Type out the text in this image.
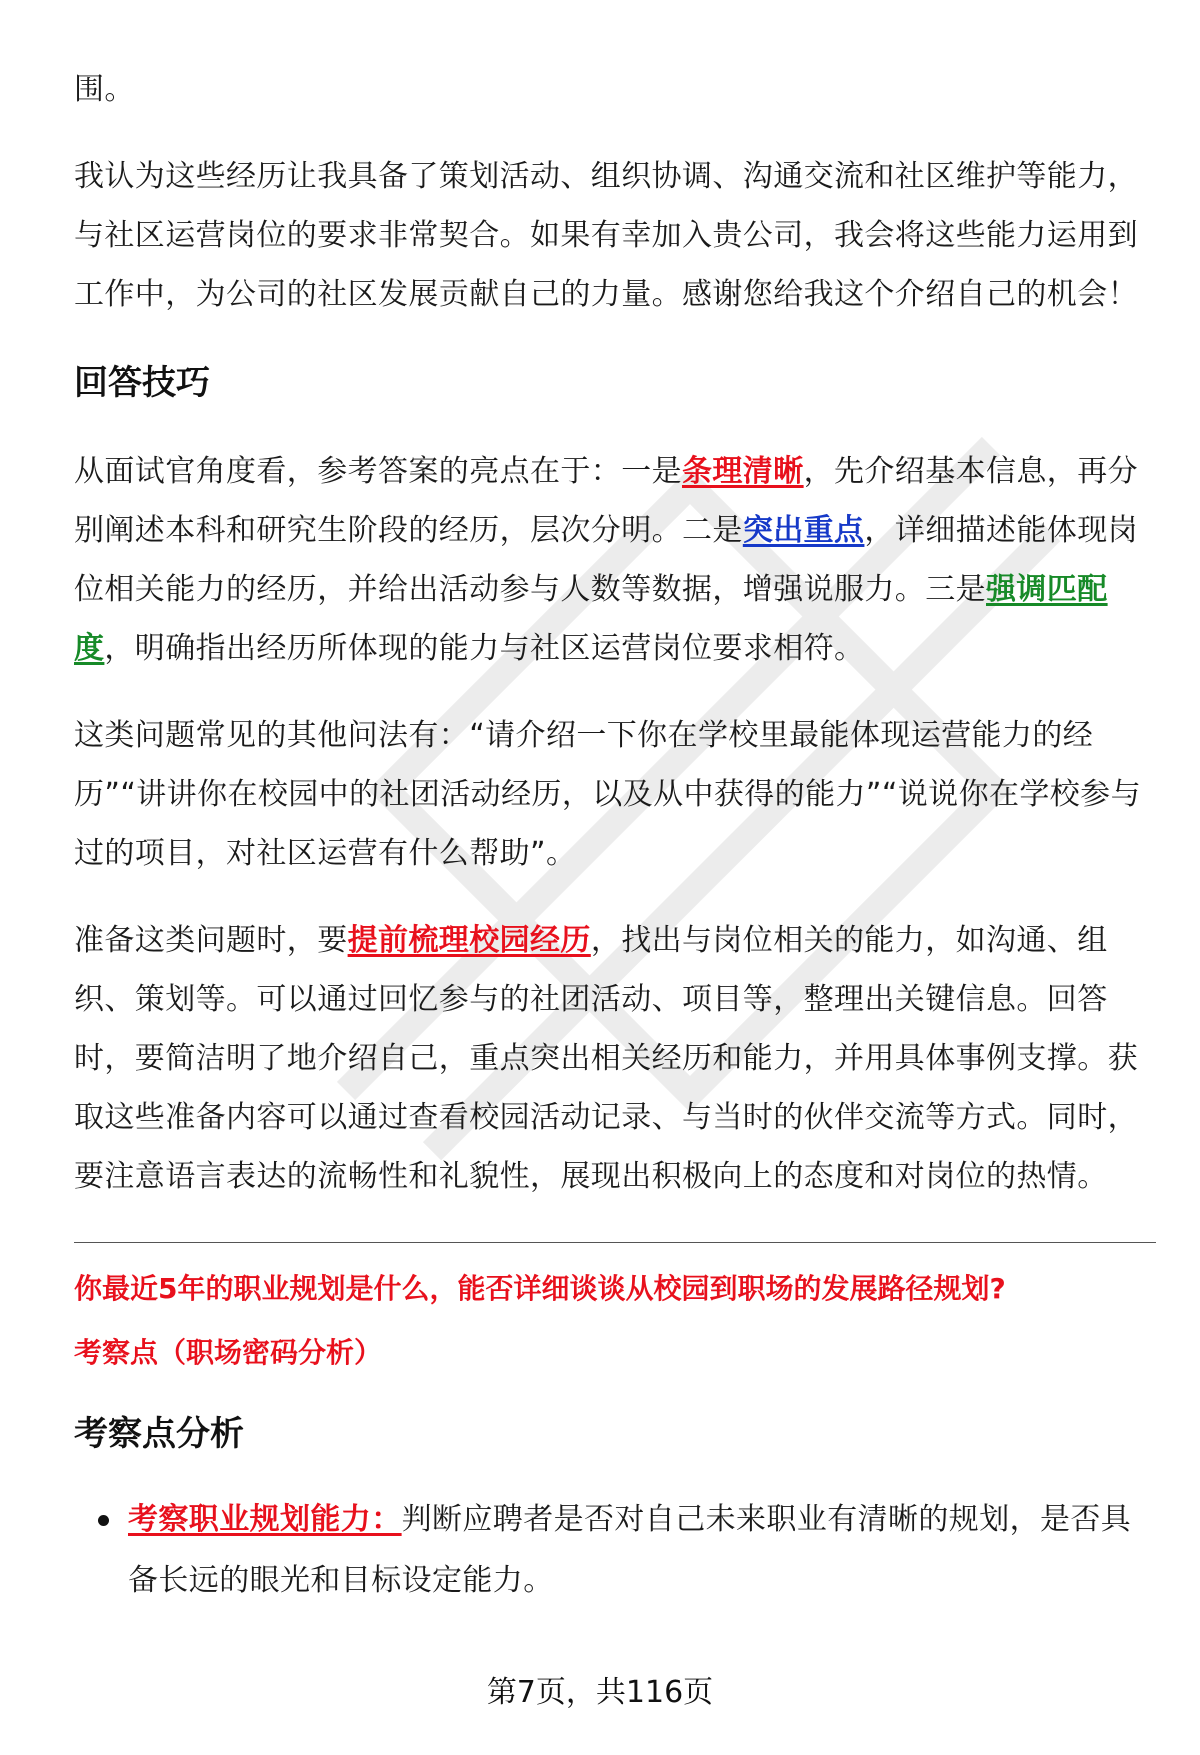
围。

我认为这些经历让我具备了策划活动、组织协调、沟通交流和社区维护等能力，与社区运营岗位的要求非常契合。如果有幸加入贵公司，我会将这些能力运用到工作中，为公司的社区发展贡献自己的力量。感谢您给我这个介绍自己的机会！

回答技巧

从面试官角度看，参考答案的亮点在于：一是条理清晰，先介绍基本信息，再分别阐述本科和研究生阶段的经历，层次分明。二是突出重点，详细描述能体现岗位相关能力的经历，并给出活动参与人数等数据，增强说服力。三是强调匹配度，明确指出经历所体现的能力与社区运营岗位要求相符。

这类问题常见的其他问法有：“请介绍一下你在学校里最能体现运营能力的经历”“讲讲你在校园中的社团活动经历，以及从中获得的能力”“说说你在学校参与过的项目，对社区运营有什么帮助”。

准备这类问题时，要提前梳理校园经历，找出与岗位相关的能力，如沟通、组织、策划等。可以通过回忆参与的社团活动、项目等，整理出关键信息。回答时，要简洁明了地介绍自己，重点突出相关经历和能力，并用具体事例支撑。获取这些准备内容可以通过查看校园活动记录、与当时的伙伴交流等方式。同时，要注意语言表达的流畅性和礼貌性，展现出积极向上的态度和对岗位的热情。

你最近5年的职业规划是什么，能否详细谈谈从校园到职场的发展路径规划?

考察点（职场密码分析）

考察点分析
考察职业规划能力：判断应聘者是否对自己未来职业有清晰的规划，是否具备长远的眼光和目标设定能力。
第7页，共116页
